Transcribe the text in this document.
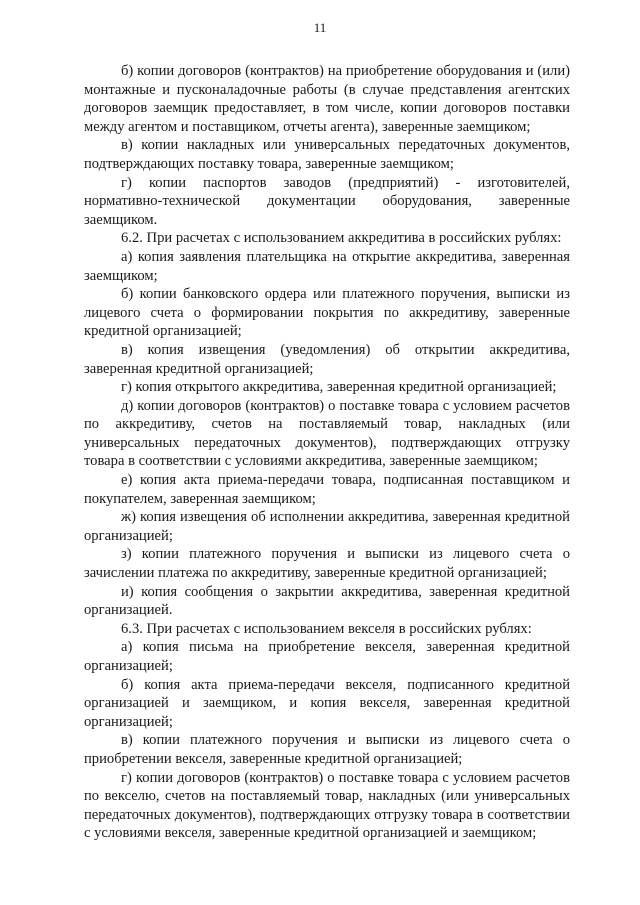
11

б) копии договоров (контрактов) на приобретение оборудования и (или) монтажные и пусконаладочные работы (в случае представления агентских договоров заемщик предоставляет, в том числе, копии договоров поставки между агентом и поставщиком, отчеты агента), заверенные заемщиком;

в) копии накладных или универсальных передаточных документов, подтверждающих поставку товара, заверенные заемщиком;

г) копии паспортов заводов (предприятий) - изготовителей, нормативно-технической документации оборудования, заверенные заемщиком.

6.2. При расчетах с использованием аккредитива в российских рублях:

а) копия заявления плательщика на открытие аккредитива, заверенная заемщиком;

б) копии банковского ордера или платежного поручения, выписки из лицевого счета о формировании покрытия по аккредитиву, заверенные кредитной организацией;

в) копия извещения (уведомления) об открытии аккредитива, заверенная кредитной организацией;

г) копия открытого аккредитива, заверенная кредитной организацией;

д) копии договоров (контрактов) о поставке товара с условием расчетов по аккредитиву, счетов на поставляемый товар, накладных (или универсальных передаточных документов), подтверждающих отгрузку товара в соответствии с условиями аккредитива, заверенные заемщиком;

е) копия акта приема-передачи товара, подписанная поставщиком и покупателем, заверенная заемщиком;

ж) копия извещения об исполнении аккредитива, заверенная кредитной организацией;

з) копии платежного поручения и выписки из лицевого счета о зачислении платежа по аккредитиву, заверенные кредитной организацией;

и) копия сообщения о закрытии аккредитива, заверенная кредитной организацией.

6.3. При расчетах с использованием векселя в российских рублях:

а) копия письма на приобретение векселя, заверенная кредитной организацией;

б) копия акта приема-передачи векселя, подписанного кредитной организацией и заемщиком, и копия векселя, заверенная кредитной организацией;

в) копии платежного поручения и выписки из лицевого счета о приобретении векселя, заверенные кредитной организацией;

г) копии договоров (контрактов) о поставке товара с условием расчетов по векселю, счетов на поставляемый товар, накладных (или универсальных передаточных документов), подтверждающих отгрузку товара в соответствии с условиями векселя, заверенные кредитной организацией и заемщиком;
